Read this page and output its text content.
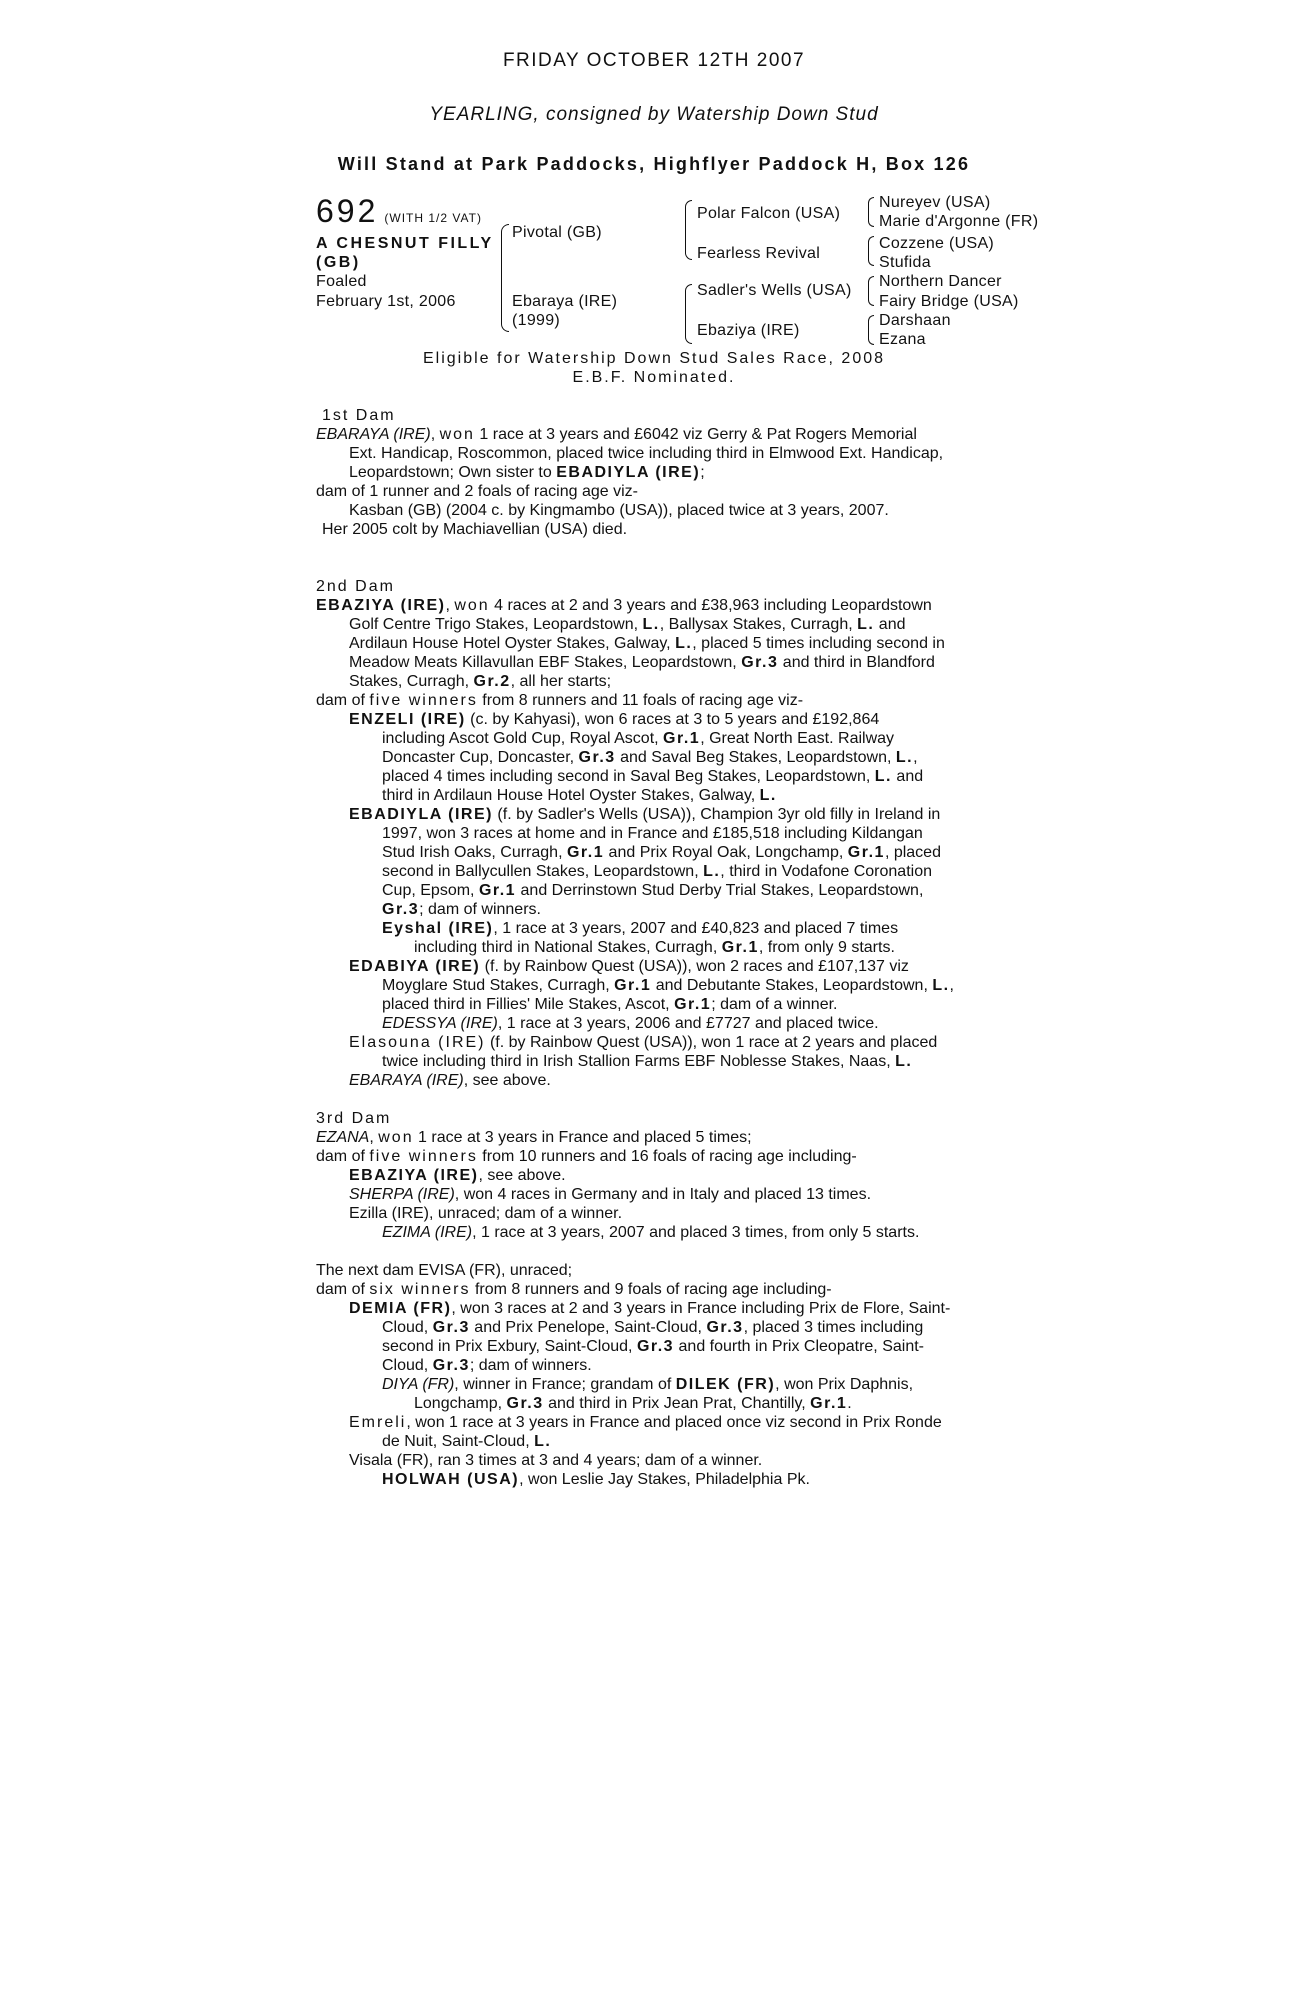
FRIDAY OCTOBER 12TH 2007
YEARLING, consigned by Watership Down Stud
Will Stand at Park Paddocks, Highflyer Paddock H, Box 126
692 (WITH 1/2 VAT)
A CHESNUT FILLY
(GB)
Foaled
February 1st, 2006
Pivotal (GB)
Ebaraya (IRE)
(1999)
Polar Falcon (USA)
Fearless Revival
Sadler's Wells (USA)
Ebaziya (IRE)
Nureyev (USA)
Marie d'Argonne (FR)
Cozzene (USA)
Stufida
Northern Dancer
Fairy Bridge (USA)
Darshaan
Ezana
Eligible for Watership Down Stud Sales Race, 2008
E.B.F. Nominated.

1st Dam

EBARAYA (IRE), won 1 race at 3 years and £6042 viz Gerry & Pat Rogers Memorial

Ext. Handicap, Roscommon, placed twice including third in Elmwood Ext. Handicap,

Leopardstown; Own sister to EBADIYLA (IRE);

dam of 1 runner and 2 foals of racing age viz-

Kasban (GB) (2004 c. by Kingmambo (USA)), placed twice at 3 years, 2007.

Her 2005 colt by Machiavellian (USA) died.

2nd Dam

EBAZIYA (IRE), won 4 races at 2 and 3 years and £38,963 including Leopardstown

Golf Centre Trigo Stakes, Leopardstown, L., Ballysax Stakes, Curragh, L. and

Ardilaun House Hotel Oyster Stakes, Galway, L., placed 5 times including second in

Meadow Meats Killavullan EBF Stakes, Leopardstown, Gr.3 and third in Blandford

Stakes, Curragh, Gr.2, all her starts;

dam of five winners from 8 runners and 11 foals of racing age viz-

ENZELI (IRE) (c. by Kahyasi), won 6 races at 3 to 5 years and £192,864

including Ascot Gold Cup, Royal Ascot, Gr.1, Great North East. Railway

Doncaster Cup, Doncaster, Gr.3 and Saval Beg Stakes, Leopardstown, L.,

placed 4 times including second in Saval Beg Stakes, Leopardstown, L. and

third in Ardilaun House Hotel Oyster Stakes, Galway, L.

EBADIYLA (IRE) (f. by Sadler's Wells (USA)), Champion 3yr old filly in Ireland in

1997, won 3 races at home and in France and £185,518 including Kildangan

Stud Irish Oaks, Curragh, Gr.1 and Prix Royal Oak, Longchamp, Gr.1, placed

second in Ballycullen Stakes, Leopardstown, L., third in Vodafone Coronation

Cup, Epsom, Gr.1 and Derrinstown Stud Derby Trial Stakes, Leopardstown,

Gr.3; dam of winners.

Eyshal (IRE), 1 race at 3 years, 2007 and £40,823 and placed 7 times

including third in National Stakes, Curragh, Gr.1, from only 9 starts.

EDABIYA (IRE) (f. by Rainbow Quest (USA)), won 2 races and £107,137 viz

Moyglare Stud Stakes, Curragh, Gr.1 and Debutante Stakes, Leopardstown, L.,

placed third in Fillies' Mile Stakes, Ascot, Gr.1; dam of a winner.

EDESSYA (IRE), 1 race at 3 years, 2006 and £7727 and placed twice.

Elasouna (IRE) (f. by Rainbow Quest (USA)), won 1 race at 2 years and placed

twice including third in Irish Stallion Farms EBF Noblesse Stakes, Naas, L.

EBARAYA (IRE), see above.

3rd Dam

EZANA, won 1 race at 3 years in France and placed 5 times;

dam of five winners from 10 runners and 16 foals of racing age including-

EBAZIYA (IRE), see above.

SHERPA (IRE), won 4 races in Germany and in Italy and placed 13 times.

Ezilla (IRE), unraced; dam of a winner.

EZIMA (IRE), 1 race at 3 years, 2007 and placed 3 times, from only 5 starts.

The next dam EVISA (FR), unraced;

dam of six winners from 8 runners and 9 foals of racing age including-

DEMIA (FR), won 3 races at 2 and 3 years in France including Prix de Flore, Saint-

Cloud, Gr.3 and Prix Penelope, Saint-Cloud, Gr.3, placed 3 times including

second in Prix Exbury, Saint-Cloud, Gr.3 and fourth in Prix Cleopatre, Saint-

Cloud, Gr.3; dam of winners.

DIYA (FR), winner in France; grandam of DILEK (FR), won Prix Daphnis,

Longchamp, Gr.3 and third in Prix Jean Prat, Chantilly, Gr.1.

Emreli, won 1 race at 3 years in France and placed once viz second in Prix Ronde

de Nuit, Saint-Cloud, L.

Visala (FR), ran 3 times at 3 and 4 years; dam of a winner.

HOLWAH (USA), won Leslie Jay Stakes, Philadelphia Pk.
